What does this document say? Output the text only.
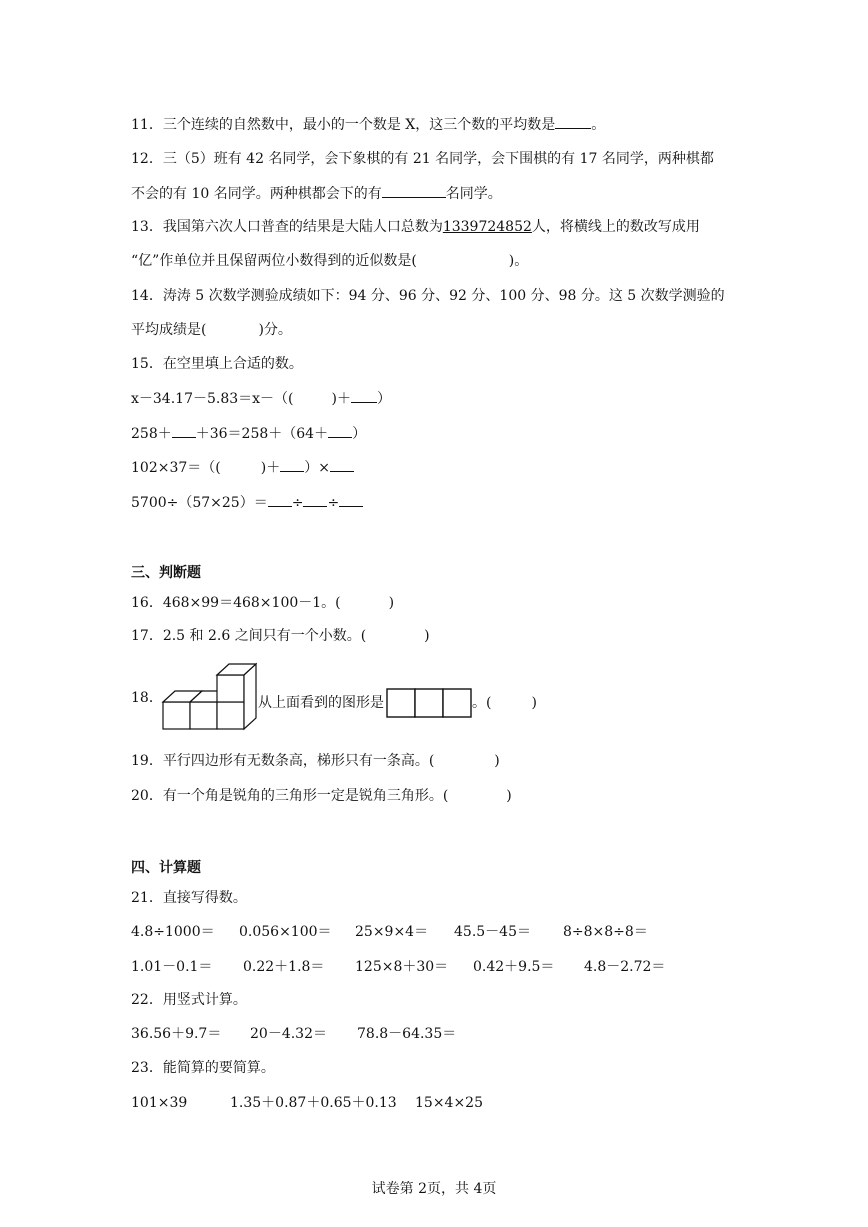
11．三个连续的自然数中，最小的一个数是 X，这三个数的平均数是	。
12．三（5）班有 42 名同学，会下象棋的有 21 名同学，会下围棋的有 17 名同学，两种棋都
不会的有 10 名同学。两种棋都会下的有	名同学。
13．我国第六次人口普查的结果是大陆人口总数为1339724852人，将横线上的数改写成用
“亿”作单位并且保留两位小数得到的近似数是(	)。
14．涛涛 5 次数学测验成绩如下：94 分、96 分、92 分、100 分、98 分。这 5 次数学测验的
平均成绩是(	)分。
15．在空里填上合适的数。
x－34.17－5.83＝x－（(	)＋ ）
258＋ ＋36＝258＋（64＋ ）
102×37＝（(	)＋ ）×
5700÷（57×25）＝ ÷ ÷
三、判断题
16．468×99＝468×100－1。(	)
17．2.5 和 2.6 之间只有一个小数。(	)
18．	从上面看到的图形是	。(	)
19．平行四边形有无数条高，梯形只有一条高。(	)
20．有一个角是锐角的三角形一定是锐角三角形。(	)
四、计算题
21．直接写得数。
4.8÷1000＝ 0.056×100＝ 25×9×4＝ 45.5－45＝ 8÷8×8÷8＝
1.01－0.1＝ 0.22＋1.8＝ 125×8＋30＝ 0.42＋9.5＝ 4.8－2.72＝
22．用竖式计算。
36.56＋9.7＝ 20－4.32＝ 78.8－64.35＝
23．能简算的要简算。
101×39	1.35＋0.87＋0.65＋0.13 15×4×25
试卷第 2页，共 4页
